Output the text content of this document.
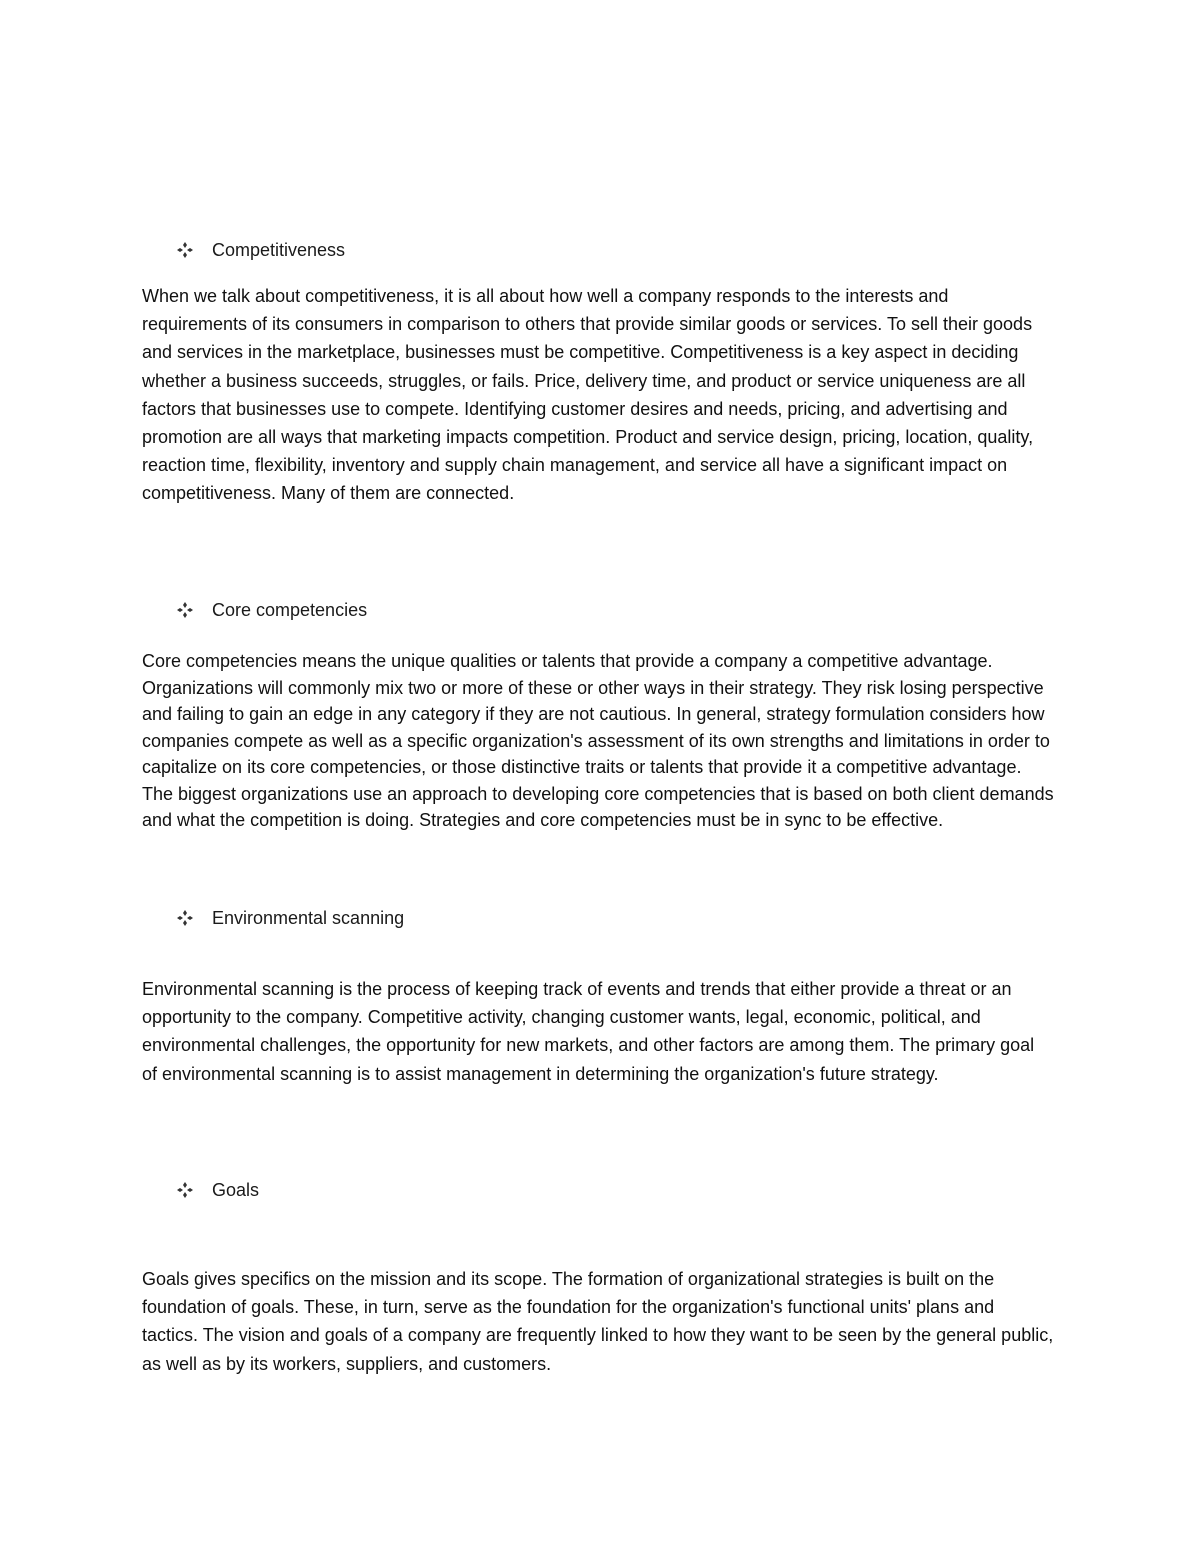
Competitiveness

When we talk about competitiveness, it is all about how well a company responds to the interests and requirements of its consumers in comparison to others that provide similar goods or services. To sell their goods and services in the marketplace, businesses must be competitive. Competitiveness is a key aspect in deciding whether a business succeeds, struggles, or fails. Price, delivery time, and product or service uniqueness are all factors that businesses use to compete. Identifying customer desires and needs, pricing, and advertising and promotion are all ways that marketing impacts competition. Product and service design, pricing, location, quality, reaction time, flexibility, inventory and supply chain management, and service all have a significant impact on competitiveness. Many of them are connected.

Core competencies

Core competencies means the unique qualities or talents that provide a company a competitive advantage. Organizations will commonly mix two or more of these or other ways in their strategy. They risk losing perspective and failing to gain an edge in any category if they are not cautious. In general, strategy formulation considers how companies compete as well as a specific organization's assessment of its own strengths and limitations in order to capitalize on its core competencies, or those distinctive traits or talents that provide it a competitive advantage. The biggest organizations use an approach to developing core competencies that is based on both client demands and what the competition is doing. Strategies and core competencies must be in sync to be effective.

Environmental scanning

Environmental scanning is the process of keeping track of events and trends that either provide a threat or an opportunity to the company. Competitive activity, changing customer wants, legal, economic, political, and environmental challenges, the opportunity for new markets, and other factors are among them. The primary goal of environmental scanning is to assist management in determining the organization's future strategy.

Goals

Goals gives specifics on the mission and its scope. The formation of organizational strategies is built on the foundation of goals. These, in turn, serve as the foundation for the organization's functional units' plans and tactics. The vision and goals of a company are frequently linked to how they want to be seen by the general public, as well as by its workers, suppliers, and customers.
